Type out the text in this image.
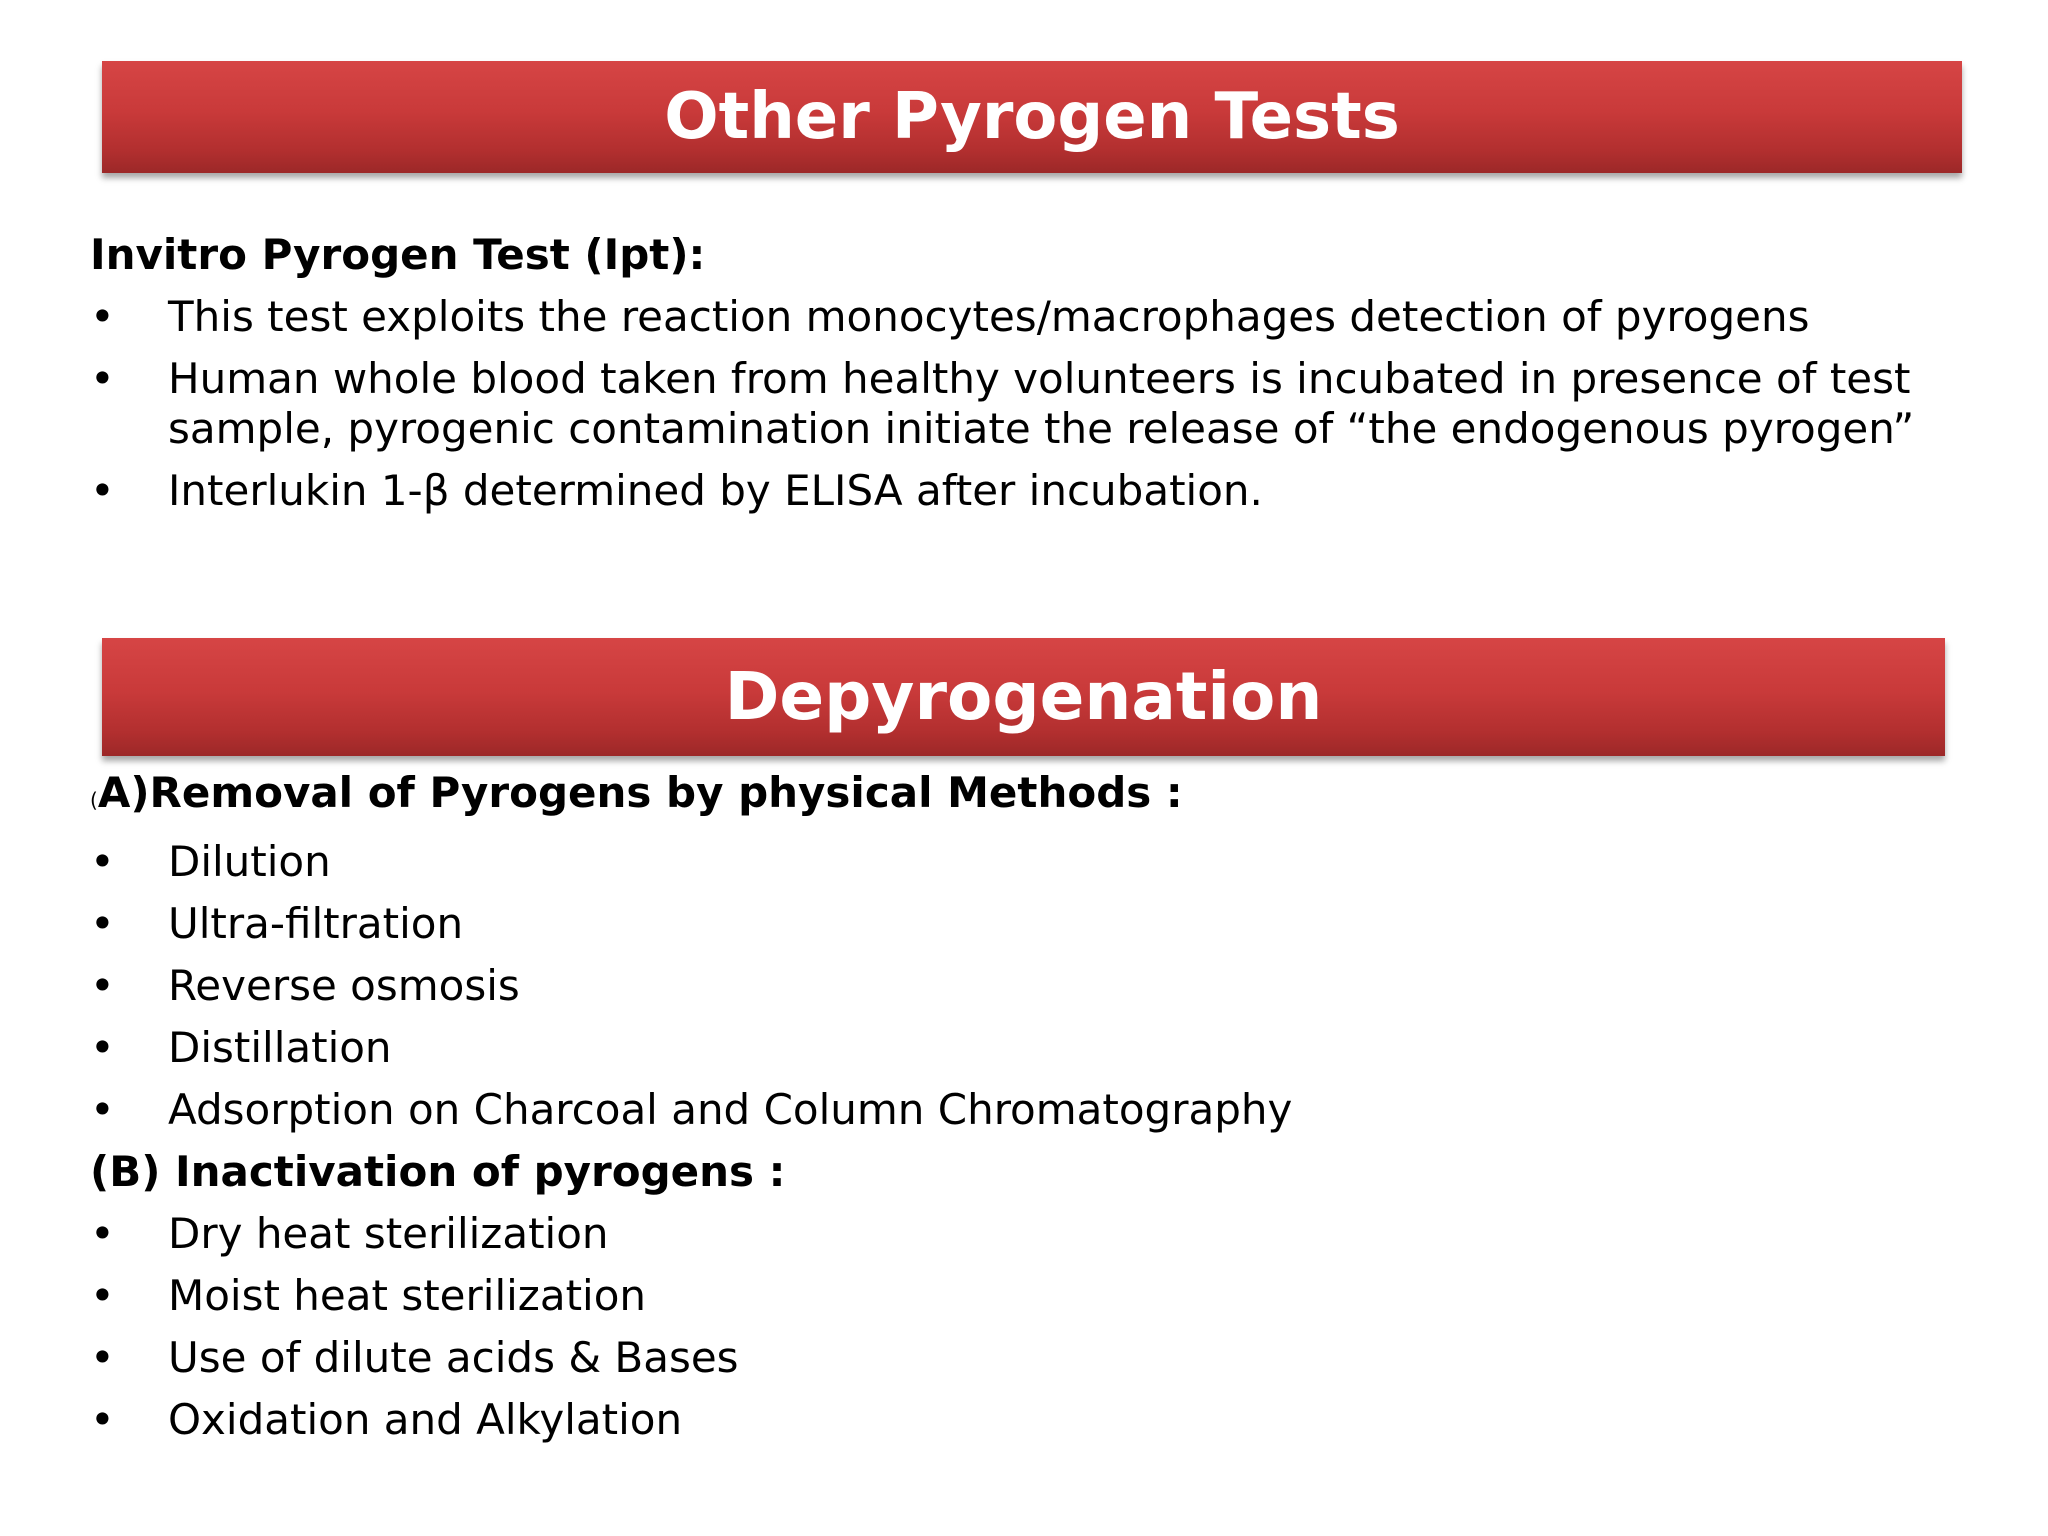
Other Pyrogen Tests
Invitro Pyrogen Test (Ipt):
• This test exploits the reaction monocytes/macrophages detection of pyrogens
• Human whole blood taken from healthy volunteers is incubated in presence of test sample, pyrogenic contamination initiate the release of “the endogenous pyrogen”
• Interlukin 1-β determined by ELISA after incubation.
Depyrogenation
(A)Removal of Pyrogens by physical Methods :
• Dilution
• Ultra-filtration
• Reverse osmosis
• Distillation
• Adsorption on Charcoal and Column Chromatography
(B) Inactivation of pyrogens :
• Dry heat sterilization
• Moist heat sterilization
• Use of dilute acids & Bases
• Oxidation and Alkylation
